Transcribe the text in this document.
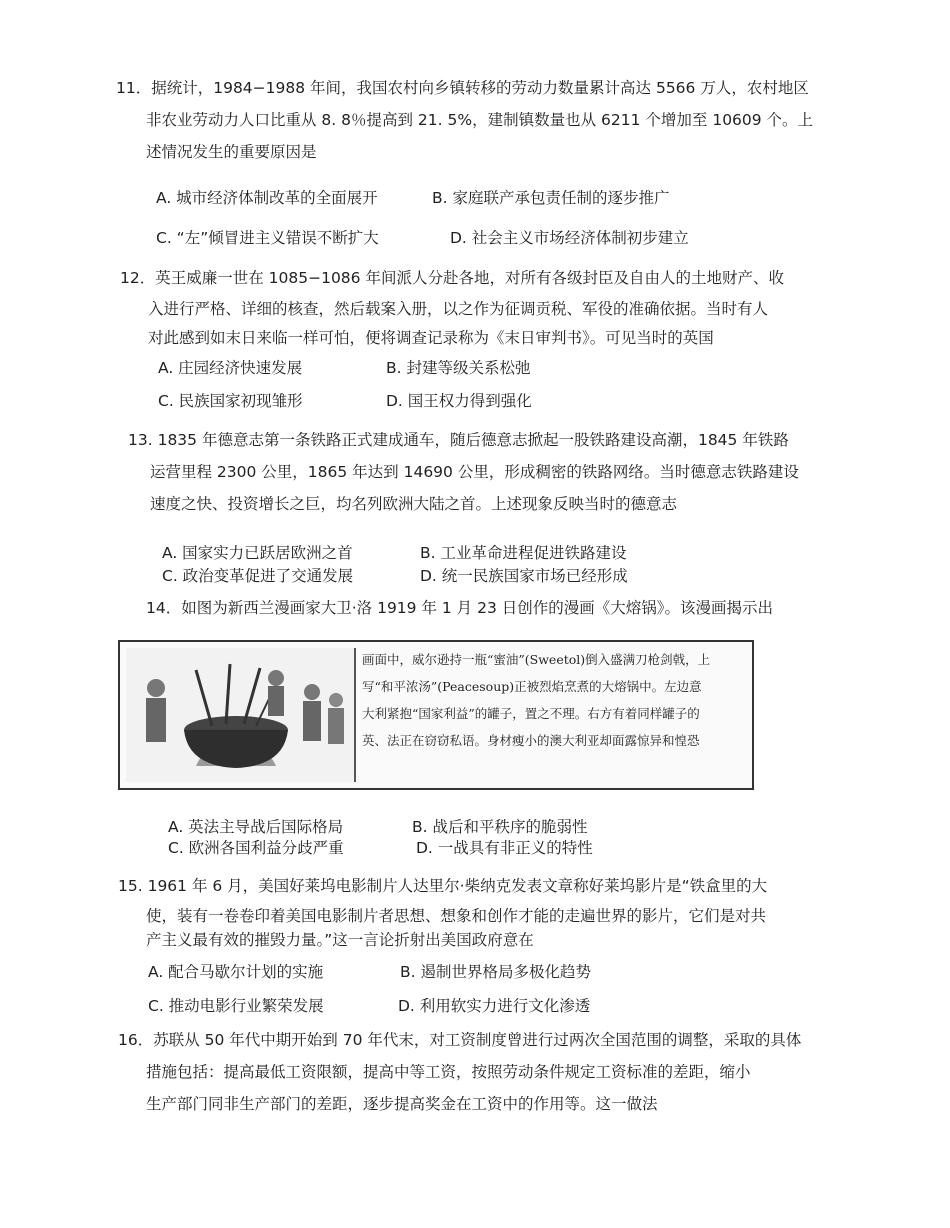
11．据统计，1984−1988 年间，我国农村向乡镇转移的劳动力数量累计高达 5566 万人，农村地区
非农业劳动力人口比重从 8. 8％提高到 21. 5%，建制镇数量也从 6211 个增加至 10609 个。上
述情况发生的重要原因是
A. 城市经济体制改革的全面展开	B. 家庭联产承包责任制的逐步推广
C. “左”倾冒进主义错误不断扩大	D. 社会主义市场经济体制初步建立
12．英王威廉一世在 1085−1086 年间派人分赴各地，对所有各级封臣及自由人的土地财产、收
入进行严格、详细的核查，然后载案入册，以之作为征调贡税、军役的准确依据。当时有人
对此感到如末日来临一样可怕，便将调查记录称为《末日审判书》。可见当时的英国
A. 庄园经济快速发展	B. 封建等级关系松弛
C. 民族国家初现雏形	D. 国王权力得到强化
13. 1835 年德意志第一条铁路正式建成通车，随后德意志掀起一股铁路建设高潮，1845 年铁路
运营里程 2300 公里，1865 年达到 14690 公里，形成稠密的铁路网络。当时德意志铁路建设
速度之快、投资增长之巨，均名列欧洲大陆之首。上述现象反映当时的德意志
A. 国家实力已跃居欧洲之首	B. 工业革命进程促进铁路建设
C. 政治变革促进了交通发展	D. 统一民族国家市场已经形成
14．如图为新西兰漫画家大卫·洛 1919 年 1 月 23 日创作的漫画《大熔锅》。该漫画揭示出
画面中，威尔逊持一瓶“蜜油”(Sweetol)倒入盛满刀枪剑戟，上
写“和平浓汤”(Peacesoup)正被烈焰烹煮的大熔锅中。左边意
大利紧抱“国家利益”的罐子，置之不理。右方有着同样罐子的
英、法正在窃窃私语。身材瘦小的澳大利亚却面露惊异和惶恐
A. 英法主导战后国际格局	B. 战后和平秩序的脆弱性
C. 欧洲各国利益分歧严重	D. 一战具有非正义的特性
15. 1961 年 6 月，美国好莱坞电影制片人达里尔·柴纳克发表文章称好莱坞影片是“铁盒里的大
使，装有一卷卷印着美国电影制片者思想、想象和创作才能的走遍世界的影片，它们是对共
产主义最有效的摧毁力量。”这一言论折射出美国政府意在
A. 配合马歇尔计划的实施	B. 遏制世界格局多极化趋势
C. 推动电影行业繁荣发展	D. 利用软实力进行文化渗透
16．苏联从 50 年代中期开始到 70 年代末，对工资制度曾进行过两次全国范围的调整，采取的具体
措施包括：提高最低工资限额，提高中等工资，按照劳动条件规定工资标准的差距，缩小
生产部门同非生产部门的差距，逐步提高奖金在工资中的作用等。这一做法
